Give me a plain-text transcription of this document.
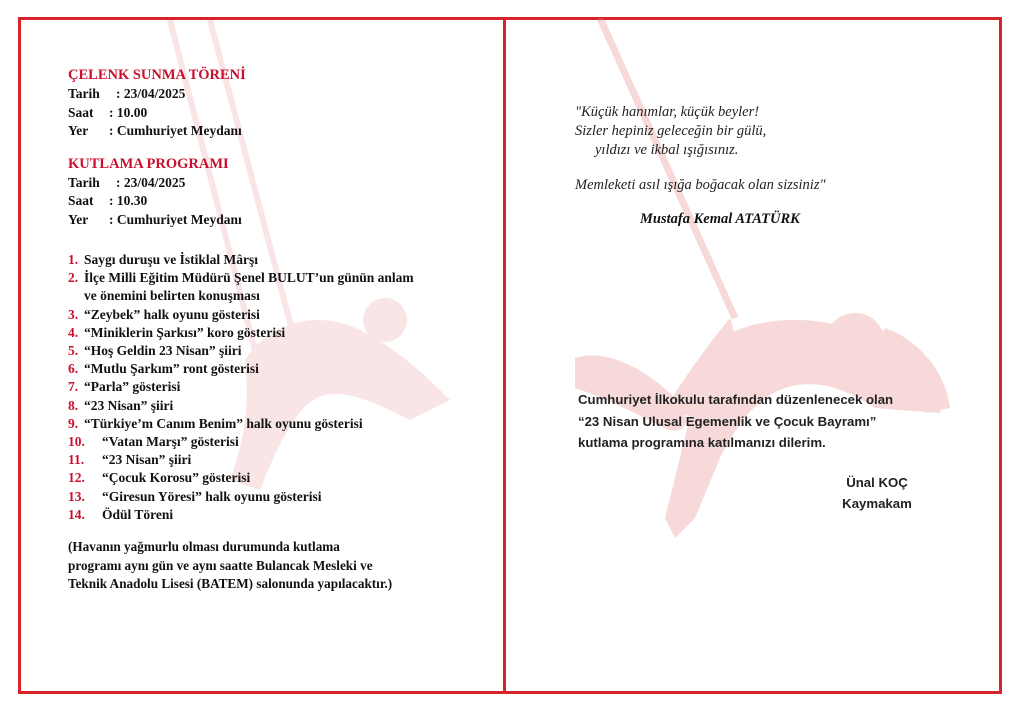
ÇELENK SUNMA TÖRENİ

Tarih	: 23/04/2025
Saat	: 10.00
Yer	: Cumhuriyet Meydanı

KUTLAMA PROGRAMI

Tarih	: 23/04/2025
Saat	: 10.30
Yer	: Cumhuriyet Meydanı
1. Saygı duruşu ve İstiklal Mârşı
2. İlçe Milli Eğitim Müdürü Şenel BULUT’un günün anlam
ve önemini belirten konuşması
3. “Zeybek” halk oyunu gösterisi
4. “Miniklerin Şarkısı” koro gösterisi
5. “Hoş Geldin 23 Nisan” şiiri
6. “Mutlu Şarkım” ront gösterisi
7. “Parla” gösterisi
8. “23 Nisan” şiiri
9. “Türkiye’m Canım Benim” halk oyunu gösterisi
10.	“Vatan Marşı” gösterisi
11.	“23 Nisan” şiiri
12.	“Çocuk Korosu” gösterisi
13.	“Giresun Yöresi” halk oyunu gösterisi
14.	Ödül Töreni
(Havanın yağmurlu olması durumunda kutlama
programı aynı gün ve aynı saatte Bulancak Mesleki ve
Teknik Anadolu Lisesi (BATEM) salonunda yapılacaktır.)
"Küçük hanımlar, küçük beyler!
Sizler hepiniz geleceğin bir gülü,
yıldızı ve ikbal ışığısınız.
Memleketi asıl ışığa boğacak olan sizsiniz"
Mustafa Kemal ATATÜRK
Cumhuriyet İlkokulu tarafından düzenlenecek olan
“23 Nisan Ulusal Egemenlik ve Çocuk Bayramı”
kutlama programına katılmanızı dilerim.
Ünal KOÇ
Kaymakam
